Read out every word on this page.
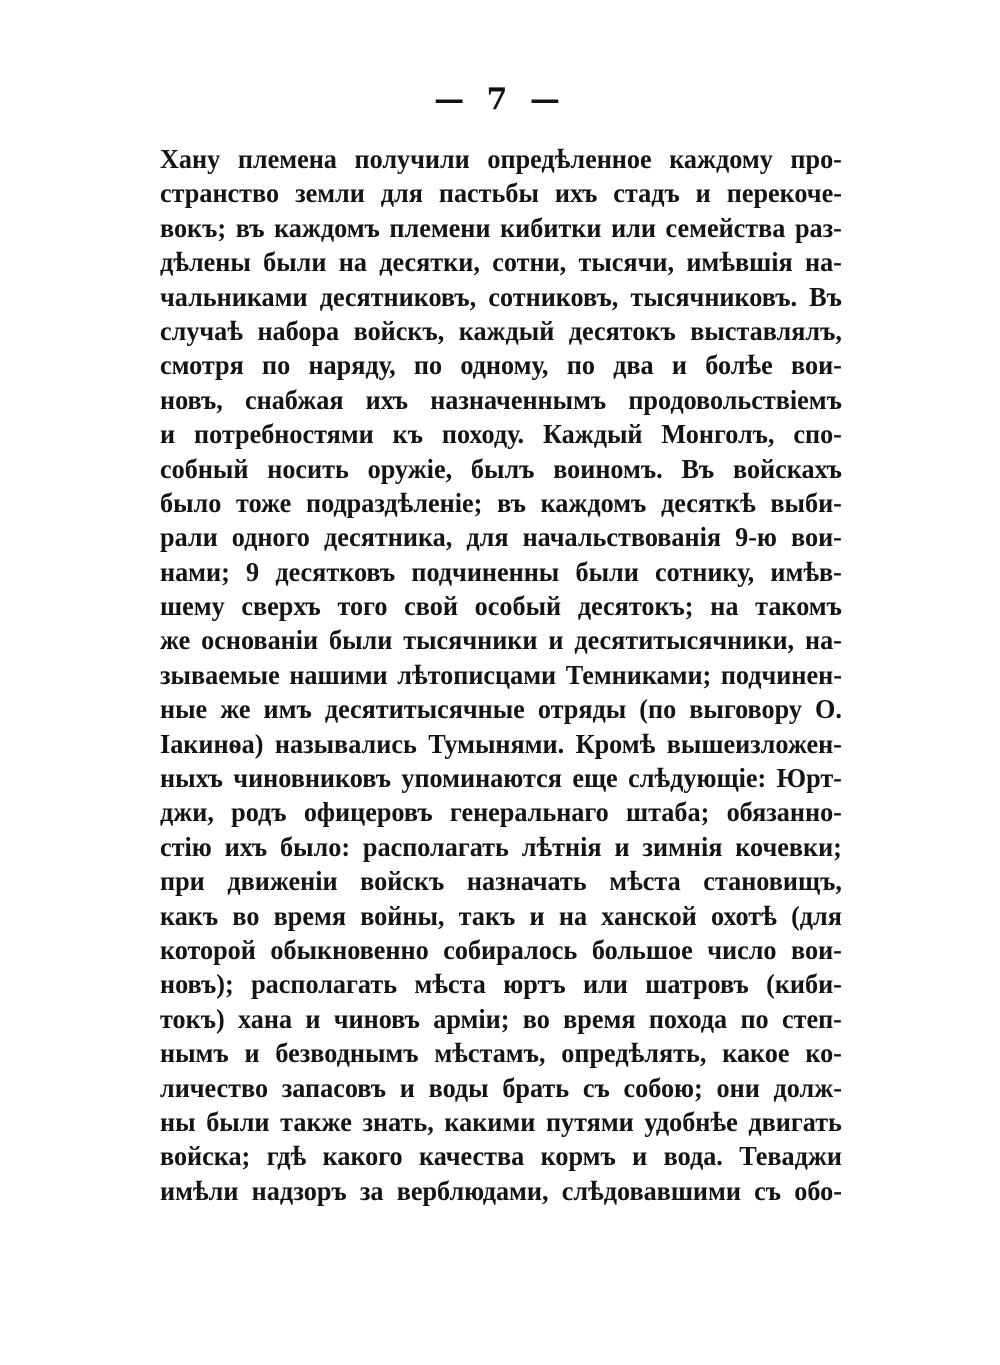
— 7 —
Хану племена получили опредѣленное каждому про-
странство земли для пастьбы ихъ стадъ и перекоче-
вокъ; въ каждомъ племени кибитки или семейства раз-
дѣлены были на десятки, сотни, тысячи, имѣвшія на-
чальниками десятниковъ, сотниковъ, тысячниковъ. Въ
случаѣ набора войскъ, каждый десятокъ выставлялъ,
смотря по наряду, по одному, по два и болѣе вои-
новъ, снабжая ихъ назначеннымъ продовольствіемъ
и потребностями къ походу. Каждый Монголъ, спо-
собный носить оружіе, былъ воиномъ. Въ войскахъ
было тоже подраздѣленіе; въ каждомъ десяткѣ выби-
рали одного десятника, для начальствованія 9-ю вои-
нами; 9 десятковъ подчиненны были сотнику, имѣв-
шему сверхъ того свой особый десятокъ; на такомъ
же основаніи были тысячники и десятитысячники, на-
зываемые нашими лѣтописцами Темниками; подчинен-
ные же имъ десятитысячные отряды (по выговору О.
Іакинѳа) назывались Тумынями. Кромѣ вышеизложен-
ныхъ чиновниковъ упоминаются еще слѣдующіе: Юрт-
джи, родъ офицеровъ генеральнаго штаба; обязанно-
стію ихъ было: располагать лѣтнія и зимнія кочевки;
при движеніи войскъ назначать мѣста становищъ,
какъ во время войны, такъ и на ханской охотѣ (для
которой обыкновенно собиралось большое число вои-
новъ); располагать мѣста юртъ или шатровъ (киби-
токъ) хана и чиновъ арміи; во время похода по степ-
нымъ и безводнымъ мѣстамъ, опредѣлять, какое ко-
личество запасовъ и воды брать съ собою; они долж-
ны были также знать, какими путями удобнѣе двигать
войска; гдѣ какого качества кормъ и вода. Теваджи
имѣли надзоръ за верблюдами, слѣдовавшими съ обо-
